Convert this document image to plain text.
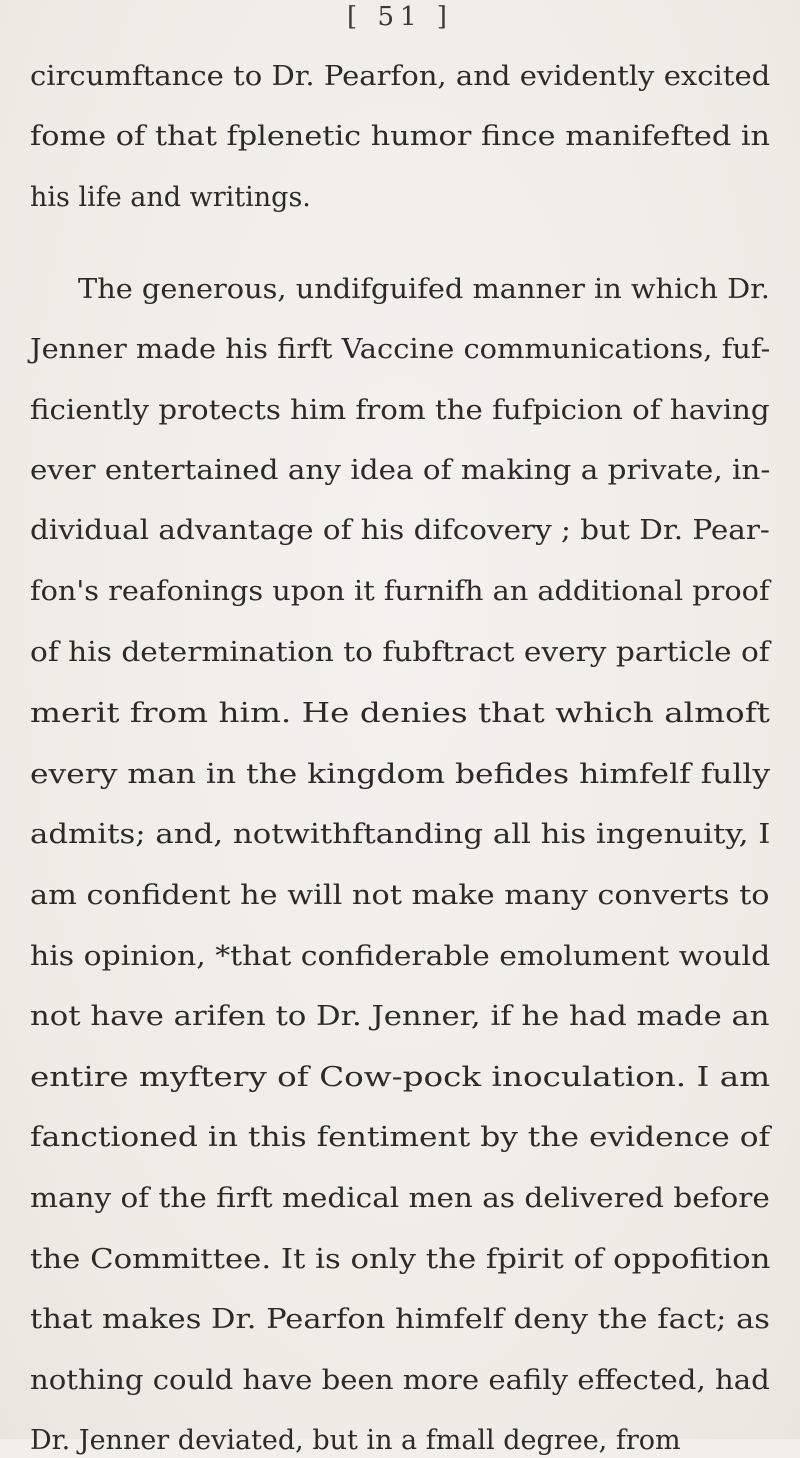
[ 51 ]
circumftance to Dr. Pearfon, and evidently excited
fome of that fplenetic humor fince manifefted in
his life and writings.
The generous, undifguifed manner in which Dr.
Jenner made his firft Vaccine communications, fuf-
ficiently protects him from the fufpicion of having
ever entertained any idea of making a private, in-
dividual advantage of his difcovery ; but Dr. Pear-
fon's reafonings upon it furnifh an additional proof
of his determination to fubftract every particle of
merit from him. He denies that which almoft
every man in the kingdom befides himfelf fully
admits; and, notwithftanding all his ingenuity, I
am confident he will not make many converts to
his opinion, *that confiderable emolument would
not have arifen to Dr. Jenner, if he had made an
entire myftery of Cow-pock inoculation. I am
fanctioned in this fentiment by the evidence of
many of the firft medical men as delivered before
the Committee. It is only the fpirit of oppofition
that makes Dr. Pearfon himfelf deny the fact; as
nothing could have been more eafily effected, had
Dr. Jenner deviated, but in a fmall degree, from
